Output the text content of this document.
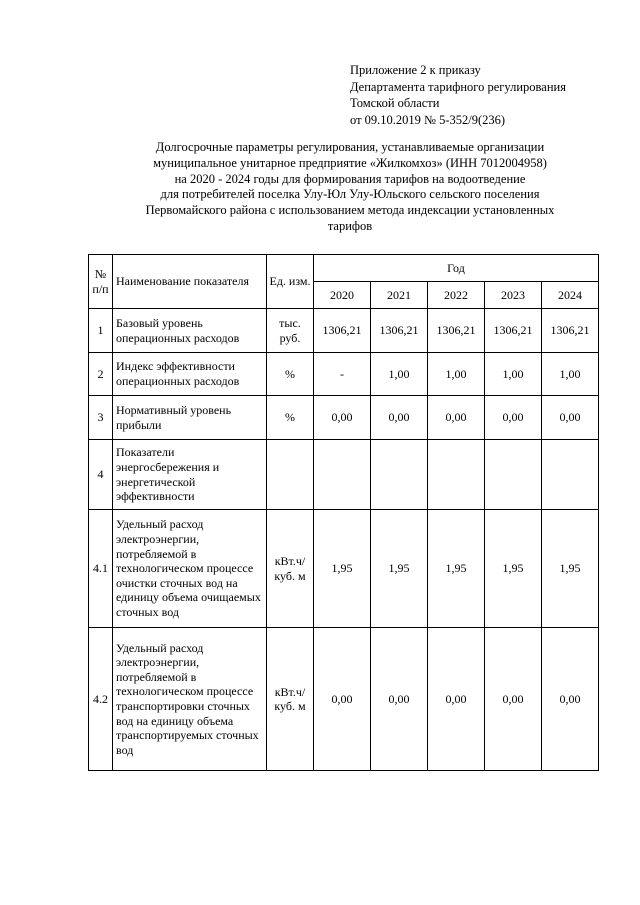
Приложение 2 к приказу
Департамента тарифного регулирования
Томской области
от 09.10.2019 № 5-352/9(236)
Долгосрочные параметры регулирования, устанавливаемые организации
муниципальное унитарное предприятие «Жилкомхоз» (ИНН 7012004958)
на 2020 - 2024 годы для формирования тарифов на водоотведение
для потребителей поселка Улу-Юл Улу-Юльского сельского поселения
Первомайского района с использованием метода индексации установленных
тарифов
№ п/п	Наименование показателя	Ед. изм.	Год				
			2020	2021	2022	2023	2024
1	Базовый уровень операционных расходов	тыс. руб.	1306,21	1306,21	1306,21	1306,21	1306,21
2	Индекс эффективности операционных расходов	%	-	1,00	1,00	1,00	1,00
3	Нормативный уровень прибыли	%	0,00	0,00	0,00	0,00	0,00
4	Показатели энергосбережения и энергетической эффективности						
4.1	Удельный расход электроэнергии, потребляемой в технологическом процессе очистки сточных вод на единицу объема очищаемых сточных вод	кВт.ч/куб. м	1,95	1,95	1,95	1,95	1,95
4.2	Удельный расход электроэнергии, потребляемой в технологическом процессе транспортировки сточных вод на единицу объема транспортируемых сточных вод	кВт.ч/куб. м	0,00	0,00	0,00	0,00	0,00
